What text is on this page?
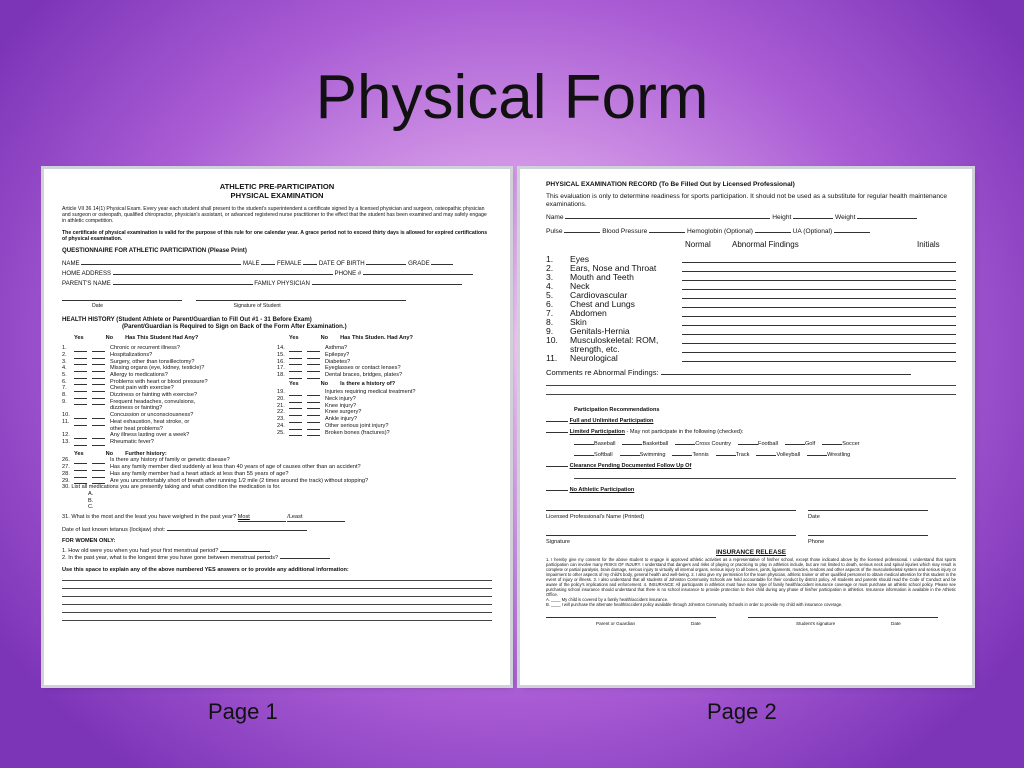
Physical Form
ATHLETIC PRE-PARTICIPATION
PHYSICAL EXAMINATION
Article VII 36 14(1) Physical Exam. Every year each student shall present to the student's superintendent a certificate signed by a licensed physician and surgeon, osteopathic physician and surgeon or osteopath, qualified chiropractor, physician's assistant, or advanced registered nurse practitioner to the effect that the student has been examined and may safely engage in athletic competition.
The certificate of physical examination is valid for the purpose of this rule for one calendar year. A grace period not to exceed thirty days is allowed for expired certifications of physical examination.
QUESTIONNAIRE FOR ATHLETIC PARTICIPATION (Please Print)
NAME	MALE	FEMALE	DATE OF BIRTH	GRADE
HOME ADDRESS	PHONE #
PARENT'S NAME	FAMILY PHYSICIAN

Date	Signature of Student
HEALTH HISTORY (Student Athlete or Parent/Guardian to Fill Out #1 - 31 Before Exam)
(Parent/Guardian is Required to Sign on Back of the Form After Examination.)
Yes	No Has This Student Had Any?
1.	Chronic or recurrent illness?
2.	Hospitalizations?
3.	Surgery, other than tonsillectomy?
4.	Missing organs (eye, kidney, testicle)?
5.	Allergy to medications?
6.	Problems with heart or blood pressure?
7.	Chest pain with exercise?
8.	Dizziness or fainting with exercise?
9.	Frequent headaches, convulsions,
dizziness or fainting?
10.	Concussion or unconsciousness?
11.	Heat exhaustion, heat stroke, or
other heat problems?
12.	Any illness lasting over a week?
13.	Rheumatic fever?
Yes	No Has This Studen. Had Any?
14.	Asthma?
15.	Epilepsy?
16.	Diabetes?
17.	Eyeglasses or contact lenses?
18.	Dental braces, bridges, plates?
Yes	No Is there a history of?
19.	Injuries requiring medical treatment?
20.	Neck injury?
21.	Knee injury?
22.	Knee surgery?
23.	Ankle injury?
24.	Other serious joint injury?
25.	Broken bones (fractures)?
Yes	No Further history:
26.	Is there any history of family or genetic disease?
27.	Has any family member died suddenly at less than 40 years of age of causes other than an accident?
28.	Has any family member had a heart attack at less than 55 years of age?
29.	Are you uncomfortably short of breath after running 1/2 mile (2 times around the track) without stopping?
30. List all medications you are presently taking and what condition the medication is for.
A.
B.
C.
31. What is the most and the least you have weighed in the past year? Most	/Least
Date of last known tetanus (lockjaw) shot:
FOR WOMEN ONLY:
1. How old were you when you had your first menstrual period?
2. In the past year, what is the longest time you have gone between menstrual periods?
Use this space to explain any of the above numbered YES answers or to provide any additional information:
PHYSICAL EXAMINATION RECORD (To Be Filled Out by Licensed Professional)
This evaluation is only to determine readiness for sports participation. It should not be used as a substitute for regular health maintenance examinations.
Name	Height	Weight
Pulse	Blood Pressure	Hemoglobin (Optional)	UA (Optional)
Normal	Abnormal Findings	Initials
1.	Eyes
2.	Ears, Nose and Throat
3.	Mouth and Teeth
4.	Neck
5.	Cardiovascular
6.	Chest and Lungs
7.	Abdomen
8.	Skin
9.	Genitals-Hernia
10.	Musculoskeletal: ROM,
strength, etc.
11.	Neurological
Comments re Abnormal Findings:
Participation Recommendations
Full and Unlimited Participation
Limited Participation - May not participate in the following (checked):
Baseball	Basketball	Cross Country	Football	Golf	Soccer
Softball	Swimming	Tennis	Track	Volleyball	Wrestling
Clearance Pending Documented Follow Up Of
No Athletic Participation

Licensed Professional's Name (Printed)	Date

Signature	Phone
INSURANCE RELEASE
1. I hereby give my consent for the above student to engage in approved athletic activities as a representative of his/her school, except those indicated above by the licensed professional. I understand that sports participation can involve many RISKS OF INJURY. I understand that dangers and risks of playing or practicing to play in athletics include, but are not limited to death, serious neck and spinal injuries which may result in complete or partial paralysis, brain damage, serious injury to virtually all internal organs, serious injury to all bones, joints, ligaments, muscles, tendons and other aspects of the musculoskeletal system and serious injury or impairment to other aspects of my child's body, general health and well-being. 2. I also give my permission for the team physician, athletic trainer or other qualified personnel to obtain medical attention for this student in the event of injury or illness. 3. I also understand that all students of Johnston Community Schools are held accountable for their conduct by district policy. All students and parents should read the Code of Conduct and be aware of the policy's implications and enforcement. 4. INSURANCE: All participants in athletics must have some type of family health/accident insurance coverage or must purchase an athletic school policy. Please see purchasing school insurance should understand that there is no school insurance to provide protection to their child during any phase of his/her participation in athletics. Insurance information is available in the Athletic Office.
A. ____ My child is covered by a family health/accident insurance.
B. ____ I will purchase the alternate health/accident policy available through Johnston Community Schools in order to provide my child with insurance coverage.

Parent or Guardian	Date	Student's signature	Date
Page 1	Page 2
